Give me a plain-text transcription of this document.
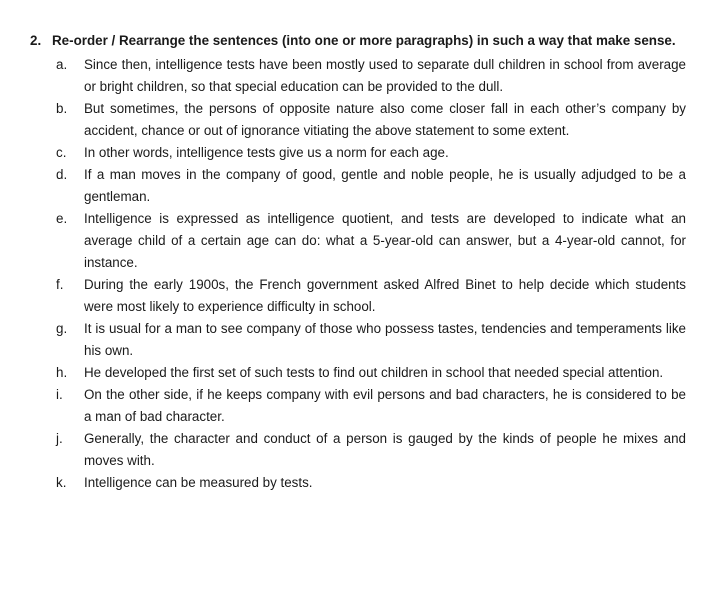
2. Re-order / Rearrange the sentences (into one or more paragraphs) in such a way that make sense.
a.	Since then, intelligence tests have been mostly used to separate dull children in school from average or bright children, so that special education can be provided to the dull.
b.	But sometimes, the persons of opposite nature also come closer fall in each other’s company by accident, chance or out of ignorance vitiating the above statement to some extent.
c.	In other words, intelligence tests give us a norm for each age.
d.	If a man moves in the company of good, gentle and noble people, he is usually adjudged to be a gentleman.
e.	Intelligence is expressed as intelligence quotient, and tests are developed to indicate what an average child of a certain age can do: what a 5-year-old can answer, but a 4-year-old cannot, for instance.
f.	During the early 1900s, the French government asked Alfred Binet to help decide which students were most likely to experience difficulty in school.
g.	It is usual for a man to see company of those who possess tastes, tendencies and temperaments like his own.
h.	He developed the first set of such tests to find out children in school that needed special attention.
i.	On the other side, if he keeps company with evil persons and bad characters, he is considered to be a man of bad character.
j.	Generally, the character and conduct of a person is gauged by the kinds of people he mixes and moves with.
k.	Intelligence can be measured by tests.
